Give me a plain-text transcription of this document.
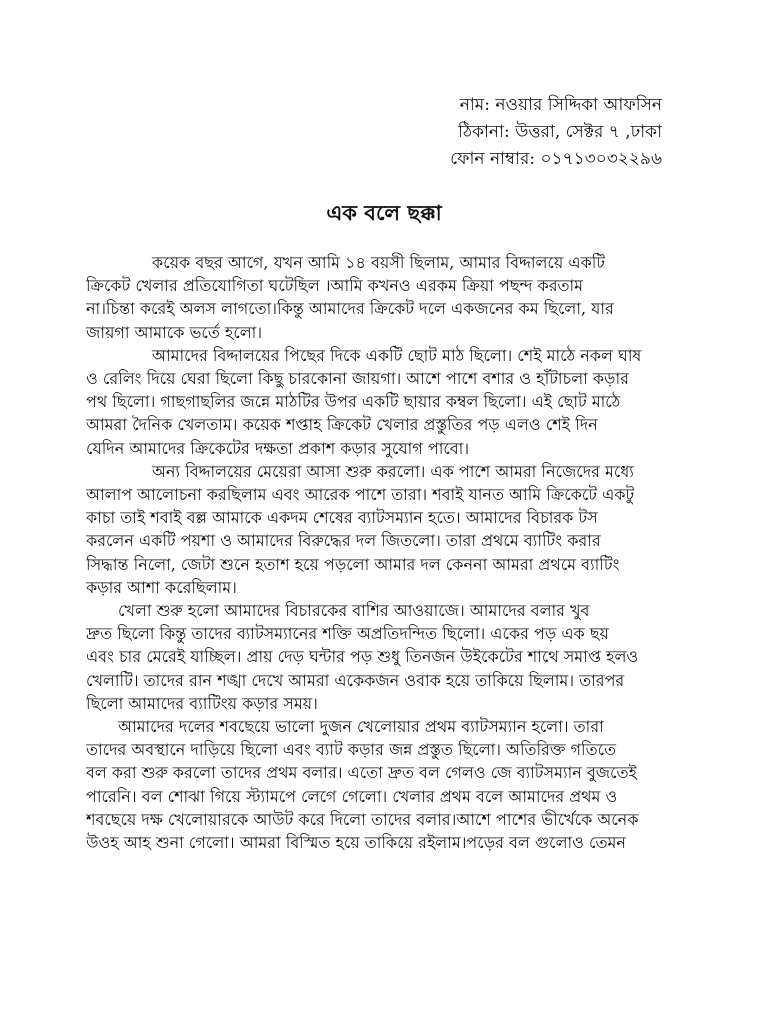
নাম: নওয়ার সিদ্দিকা আফসিন
ঠিকানা: উত্তরা, সেক্টর ৭ ,ঢাকা
ফোন নাম্বার: ০১৭১৩০৩২২৯৬
এক বলে ছক্কা

কয়েক বছর আগে, যখন আমি ১৪ বয়সী ছিলাম, আমার বিদ্দালয়ে একটি
ক্রিকেট খেলার প্রতিযোগিতা ঘটেছিল ।আমি কখনও এরকম ক্রিয়া পছন্দ করতাম
না।চিন্তা করেই অলস লাগতো।কিন্তু আমাদের ক্রিকেট দলে একজনের কম ছিলো, যার
জায়গা আমাকে ভর্তে হলো।

আমাদের বিদ্দালয়ের পিছের দিকে একটি ছোট মাঠ ছিলো। শেই মাঠে নকল ঘাষ
ও রেলিং দিয়ে ঘেরা ছিলো কিছু চারকোনা জায়গা। আশে পাশে বশার ও হাঁটাচলা কড়ার
পথ ছিলো। গাছগাছলির জন্নে মাঠটির উপর একটি ছায়ার কম্বল ছিলো। এই ছোট মাঠে
আমরা দৈনিক খেলতাম। কয়েক শপ্তাহ ক্রিকেট খেলার প্রস্তুতির পড় এলও শেই দিন
যেদিন আমাদের ক্রিকেটের দক্ষতা প্রকাশ কড়ার সুযোগ পাবো।

অন্য বিদ্দালয়ের মেয়েরা আসা শুরু করলো। এক পাশে আমরা নিজেদের মধ্যে
আলাপ আলোচনা করছিলাম এবং আরেক পাশে তারা। শবাই যানত আমি ক্রিকেটে একটু
কাচা তাই শবাই বল্ল আমাকে একদম শেষের ব্যাটসম্যান হতে। আমাদের বিচারক টস
করলেন একটি পয়শা ও আমাদের বিরুদ্ধের দল জিতলো। তারা প্রথমে ব্যাটিং করার
সিদ্ধান্ত নিলো, জেটা শুনে হতাশ হয়ে পড়লো আমার দল কেননা আমরা প্রথমে ব্যাটিং
কড়ার আশা করেছিলাম।

খেলা শুরু হলো আমাদের বিচারকের বাশির আওয়াজে। আমাদের বলার খুব
দ্রুত ছিলো কিন্তু তাদের ব্যাটসম্যানের শক্তি অপ্রতিদন্দিত ছিলো। একের পড় এক ছয়
এবং চার মেরেই যাচ্ছিল। প্রায় দেড় ঘন্টার পড় শুধু তিনজন উইকেটের শাথে সমাপ্ত হলও
খেলাটি। তাদের রান শঙ্খা দেখে আমরা একেকজন ওবাক হয়ে তাকিয়ে ছিলাম। তারপর
ছিলো আমাদের ব্যাটিংয় কড়ার সময়।

আমাদের দলের শবছেয়ে ভালো দুজন খেলোয়ার প্রথম ব্যাটসম্যান হলো। তারা
তাদের অবস্থানে দাড়িয়ে ছিলো এবং ব্যাট কড়ার জন্ন প্রস্তুত ছিলো। অতিরিক্ত গতিতে
বল করা শুরু করলো তাদের প্রথম বলার। এতো দ্রুত বল গেলও জে ব্যাটসম্যান বুজতেই
পারেনি। বল শোঝা গিয়ে স্ট্যামপে লেগে গেলো। খেলার প্রথম বলে আমাদের প্রথম ও
শবছেয়ে দক্ষ খেলোয়ারকে আউট করে দিলো তাদের বলার।আশে পাশের ভীর্খেকে অনেক
উওহ আহ শুনা গেলো। আমরা বিস্মিত হয়ে তাকিয়ে রইলাম।পড়ের বল গুলোও তেমন
